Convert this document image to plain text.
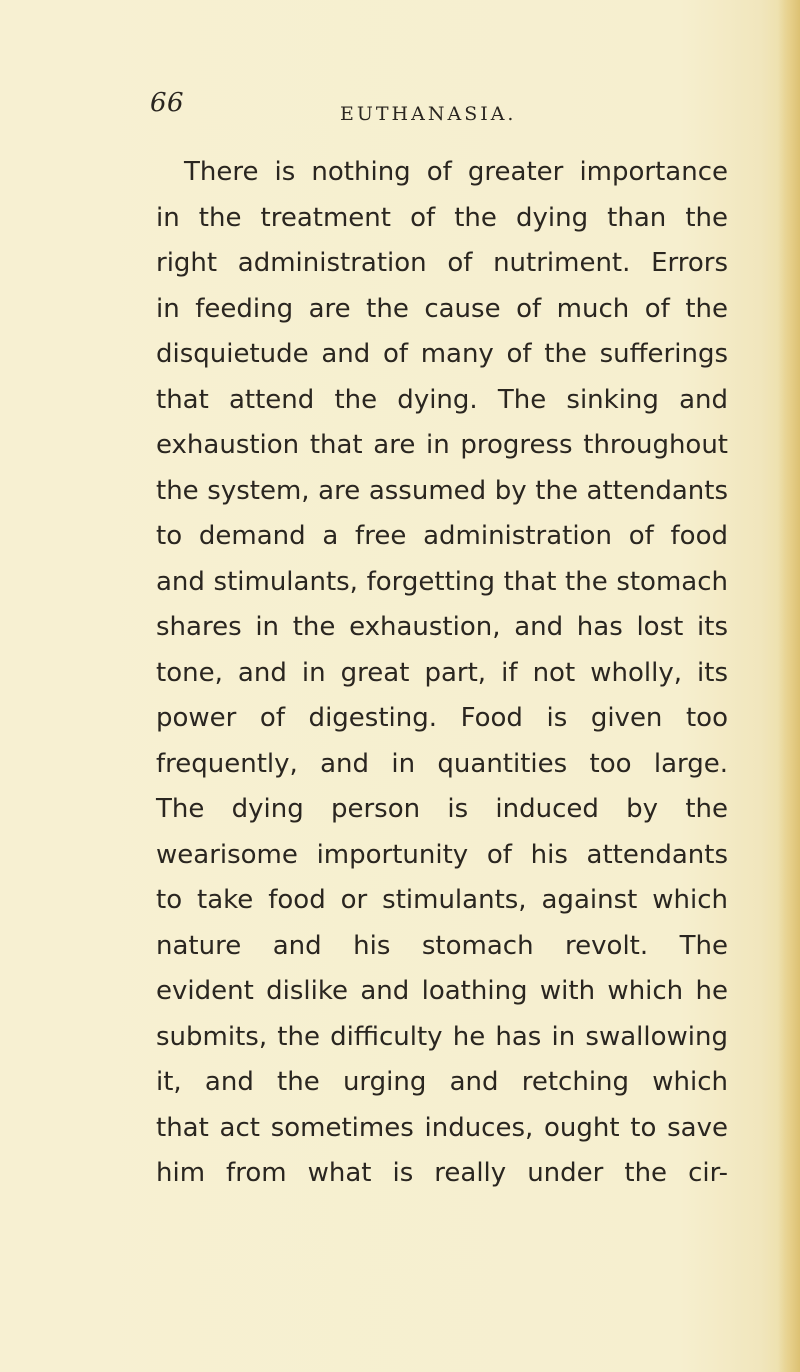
66	EUTHANASIA.
There is nothing of greater importance
in the treatment of the dying than the
right administration of nutriment. Errors
in feeding are the cause of much of the
disquietude and of many of the sufferings
that attend the dying. The sinking and
exhaustion that are in progress throughout
the system, are assumed by the attendants
to demand a free administration of food
and stimulants, forgetting that the stomach
shares in the exhaustion, and has lost its
tone, and in great part, if not wholly, its
power of digesting. Food is given too
frequently, and in quantities too large.
The dying person is induced by the
wearisome importunity of his attendants
to take food or stimulants, against which
nature and his stomach revolt. The
evident dislike and loathing with which he
submits, the difficulty he has in swallowing
it, and the urging and retching which
that act sometimes induces, ought to save
him from what is really under the cir-
